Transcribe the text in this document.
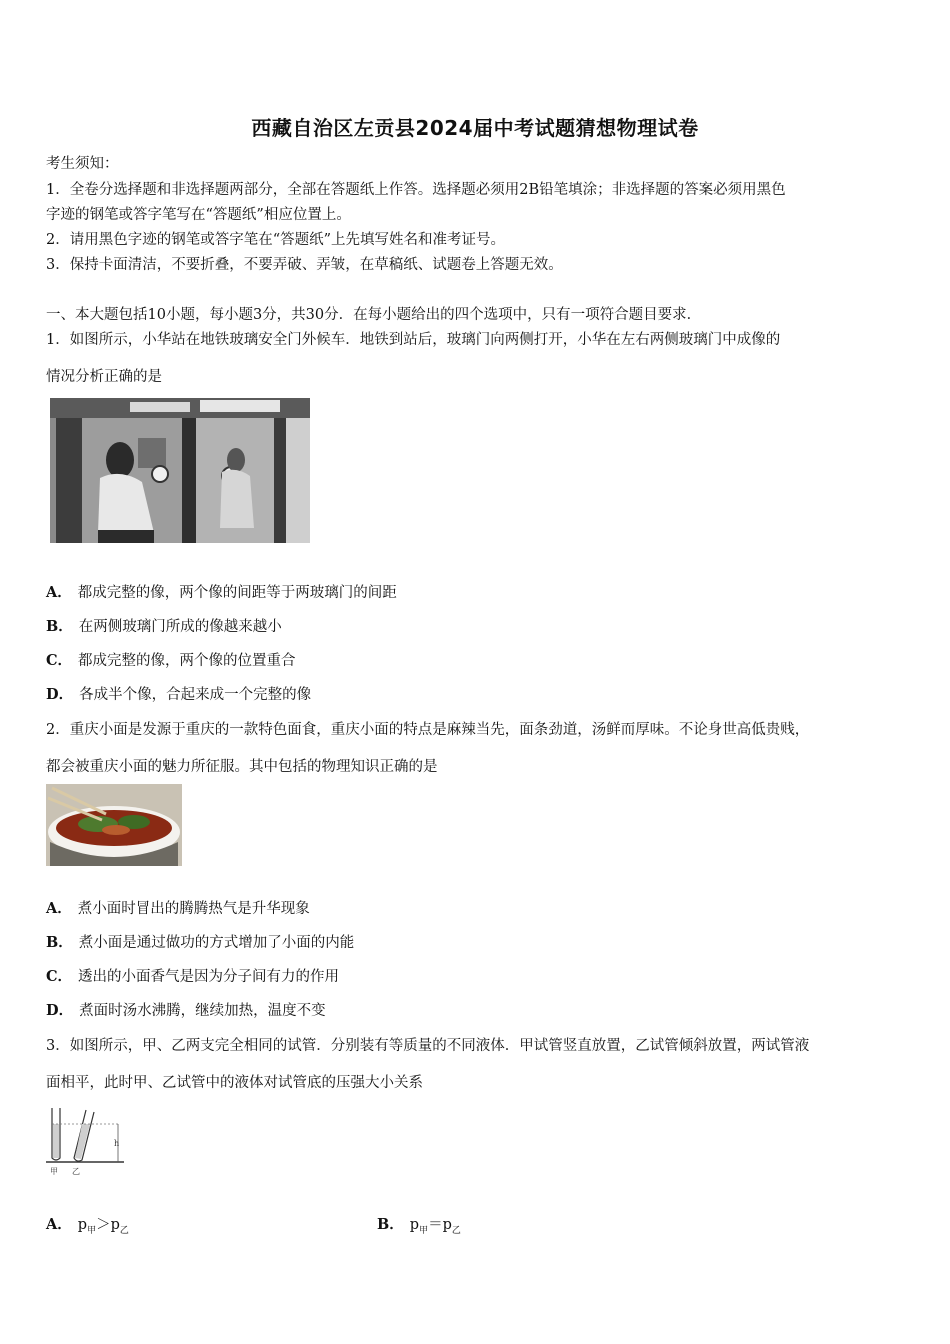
西藏自治区左贡县2024届中考试题猜想物理试卷
考生须知：
1．全卷分选择题和非选择题两部分，全部在答题纸上作答。选择题必须用2B铅笔填涂；非选择题的答案必须用黑色
字迹的钢笔或答字笔写在“答题纸”相应位置上。
2．请用黑色字迹的钢笔或答字笔在“答题纸”上先填写姓名和准考证号。
3．保持卡面清洁，不要折叠，不要弄破、弄皱，在草稿纸、试题卷上答题无效。
一、本大题包括10小题，每小题3分，共30分．在每小题给出的四个选项中，只有一项符合题目要求．
1．如图所示，小华站在地铁玻璃安全门外候车．地铁到站后，玻璃门向两侧打开，小华在左右两侧玻璃门中成像的
情况分析正确的是
A． 都成完整的像，两个像的间距等于两玻璃门的间距
B． 在两侧玻璃门所成的像越来越小
C． 都成完整的像，两个像的位置重合
D． 各成半个像，合起来成一个完整的像
2．重庆小面是发源于重庆的一款特色面食，重庆小面的特点是麻辣当先，面条劲道，汤鲜而厚味。不论身世高低贵贱，
都会被重庆小面的魅力所征服。其中包括的物理知识正确的是
A． 煮小面时冒出的腾腾热气是升华现象
B． 煮小面是通过做功的方式增加了小面的内能
C． 透出的小面香气是因为分子间有力的作用
D． 煮面时汤水沸腾，继续加热，温度不变
3．如图所示，甲、乙两支完全相同的试管．分别装有等质量的不同液体．甲试管竖直放置，乙试管倾斜放置，两试管液
面相平，此时甲、乙试管中的液体对试管底的压强大小关系
h
甲 乙
A． $p_甲>p_乙$	B． $p_甲=p_乙$
